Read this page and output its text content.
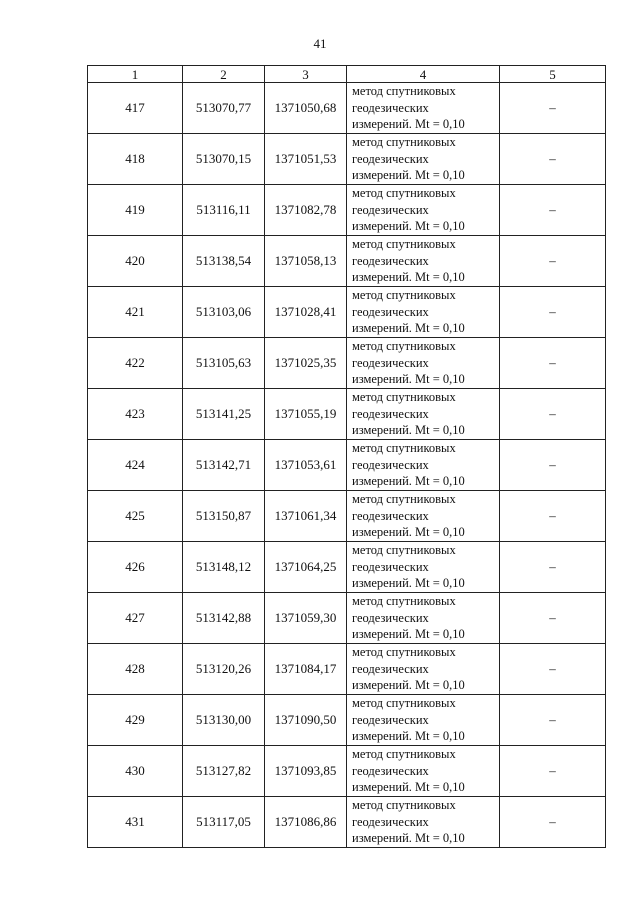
41
1	2	3	4	5
417	513070,77	1371050,68	метод спутниковых
геодезических
измерений. Mt = 0,10	–
418	513070,15	1371051,53	метод спутниковых
геодезических
измерений. Mt = 0,10	–
419	513116,11	1371082,78	метод спутниковых
геодезических
измерений. Mt = 0,10	–
420	513138,54	1371058,13	метод спутниковых
геодезических
измерений. Mt = 0,10	–
421	513103,06	1371028,41	метод спутниковых
геодезических
измерений. Mt = 0,10	–
422	513105,63	1371025,35	метод спутниковых
геодезических
измерений. Mt = 0,10	–
423	513141,25	1371055,19	метод спутниковых
геодезических
измерений. Mt = 0,10	–
424	513142,71	1371053,61	метод спутниковых
геодезических
измерений. Mt = 0,10	–
425	513150,87	1371061,34	метод спутниковых
геодезических
измерений. Mt = 0,10	–
426	513148,12	1371064,25	метод спутниковых
геодезических
измерений. Mt = 0,10	–
427	513142,88	1371059,30	метод спутниковых
геодезических
измерений. Mt = 0,10	–
428	513120,26	1371084,17	метод спутниковых
геодезических
измерений. Mt = 0,10	–
429	513130,00	1371090,50	метод спутниковых
геодезических
измерений. Mt = 0,10	–
430	513127,82	1371093,85	метод спутниковых
геодезических
измерений. Mt = 0,10	–
431	513117,05	1371086,86	метод спутниковых
геодезических
измерений. Mt = 0,10	–
